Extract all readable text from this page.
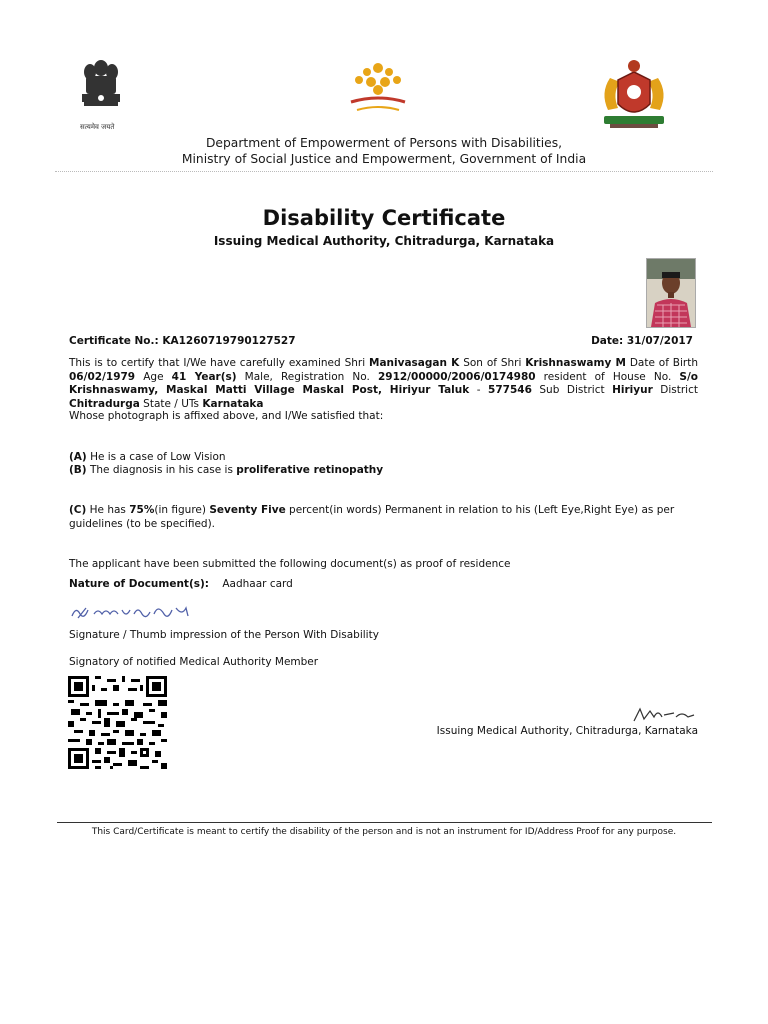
सत्यमेव जयते
Department of Empowerment of Persons with Disabilities,
Ministry of Social Justice and Empowerment, Government of India
Disability Certificate
Issuing Medical Authority, Chitradurga, Karnataka
Certificate No.: KA1260719790127527	Date: 31/07/2017
This is to certify that I/We have carefully examined Shri Manivasagan K Son of Shri Krishnaswamy M Date of Birth 06/02/1979 Age 41 Year(s) Male, Registration No. 2912/00000/2006/0174980 resident of House No. S/o Krishnaswamy, Maskal Matti Village Maskal Post, Hiriyur Taluk - 577546 Sub District Hiriyur District Chitradurga State / UTs Karnataka
Whose photograph is affixed above, and I/We satisfied that:
(A) He is a case of Low Vision
(B) The diagnosis in his case is proliferative retinopathy
(C) He has 75%(in figure) Seventy Five percent(in words) Permanent in relation to his (Left Eye,Right Eye) as per guidelines (to be specified).
The applicant have been submitted the following document(s) as proof of residence
Nature of Document(s): Aadhaar card
Signature / Thumb impression of the Person With Disability
Signatory of notified Medical Authority Member
Issuing Medical Authority, Chitradurga, Karnataka
This Card/Certificate is meant to certify the disability of the person and is not an instrument for ID/Address Proof for any purpose.
